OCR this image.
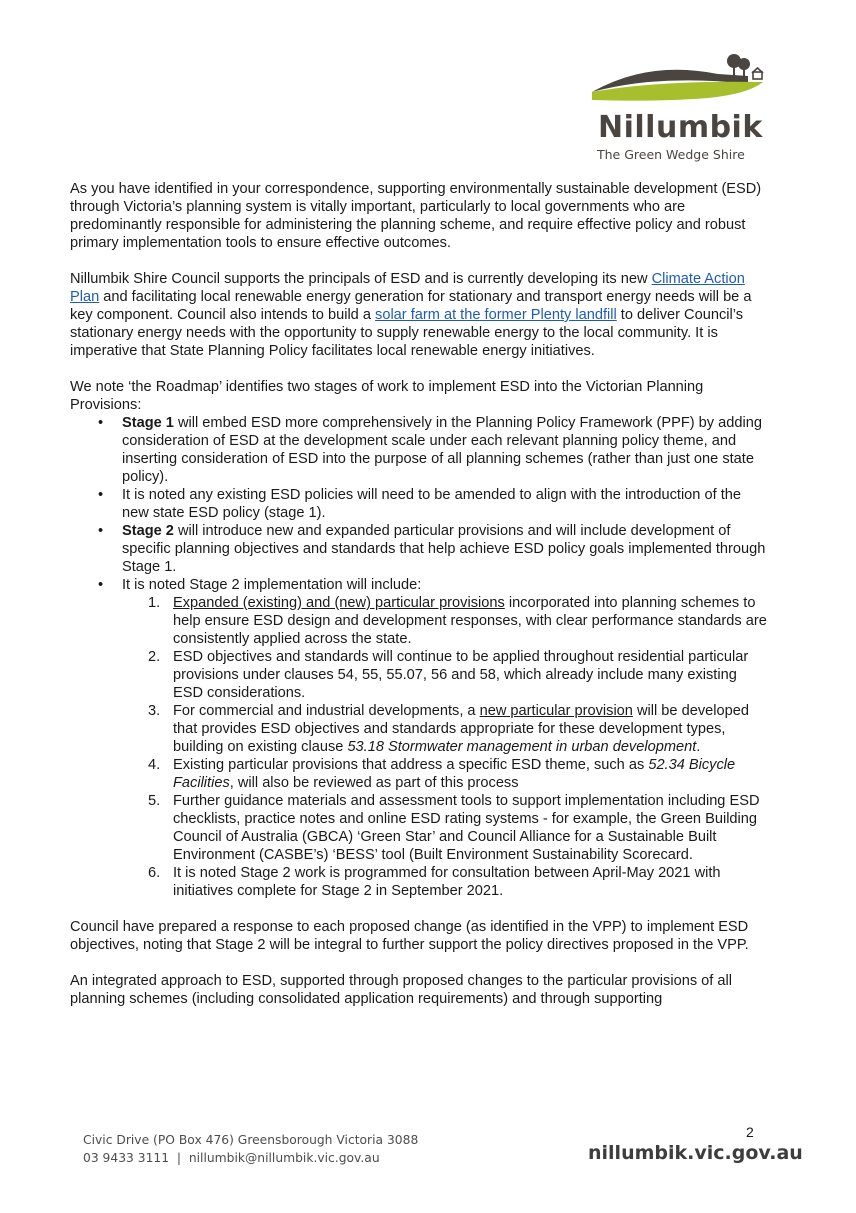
Nillumbik
The Green Wedge Shire

As you have identified in your correspondence, supporting environmentally sustainable development (ESD) through Victoria’s planning system is vitally important, particularly to local governments who are predominantly responsible for administering the planning scheme, and require effective policy and robust primary implementation tools to ensure effective outcomes.

Nillumbik Shire Council supports the principals of ESD and is currently developing its new Climate Action Plan and facilitating local renewable energy generation for stationary and transport energy needs will be a key component. Council also intends to build a solar farm at the former Plenty landfill to deliver Council’s stationary energy needs with the opportunity to supply renewable energy to the local community. It is imperative that State Planning Policy facilitates local renewable energy initiatives.

We note ‘the Roadmap’ identifies two stages of work to implement ESD into the Victorian Planning Provisions:

• Stage 1 will embed ESD more comprehensively in the Planning Policy Framework (PPF) by adding consideration of ESD at the development scale under each relevant planning policy theme, and inserting consideration of ESD into the purpose of all planning schemes (rather than just one state policy).
• It is noted any existing ESD policies will need to be amended to align with the introduction of the new state ESD policy (stage 1).
• Stage 2 will introduce new and expanded particular provisions and will include development of specific planning objectives and standards that help achieve ESD policy goals implemented through Stage 1.
• It is noted Stage 2 implementation will include:
1. Expanded (existing) and (new) particular provisions incorporated into planning schemes to help ensure ESD design and development responses, with clear performance standards are consistently applied across the state.
2. ESD objectives and standards will continue to be applied throughout residential particular provisions under clauses 54, 55, 55.07, 56 and 58, which already include many existing ESD considerations.
3. For commercial and industrial developments, a new particular provision will be developed that provides ESD objectives and standards appropriate for these development types, building on existing clause 53.18 Stormwater management in urban development.
4. Existing particular provisions that address a specific ESD theme, such as 52.34 Bicycle Facilities, will also be reviewed as part of this process
5. Further guidance materials and assessment tools to support implementation including ESD checklists, practice notes and online ESD rating systems - for example, the Green Building Council of Australia (GBCA) ‘Green Star’ and Council Alliance for a Sustainable Built Environment (CASBE’s) ‘BESS’ tool (Built Environment Sustainability Scorecard.
6. It is noted Stage 2 work is programmed for consultation between April-May 2021 with initiatives complete for Stage 2 in September 2021.

Council have prepared a response to each proposed change (as identified in the VPP) to implement ESD objectives, noting that Stage 2 will be integral to further support the policy directives proposed in the VPP.

An integrated approach to ESD, supported through proposed changes to the particular provisions of all planning schemes (including consolidated application requirements) and through supporting

2
Civic Drive (PO Box 476) Greensborough Victoria 3088
03 9433 3111  |  nillumbik@nillumbik.vic.gov.au	nillumbik.vic.gov.au
